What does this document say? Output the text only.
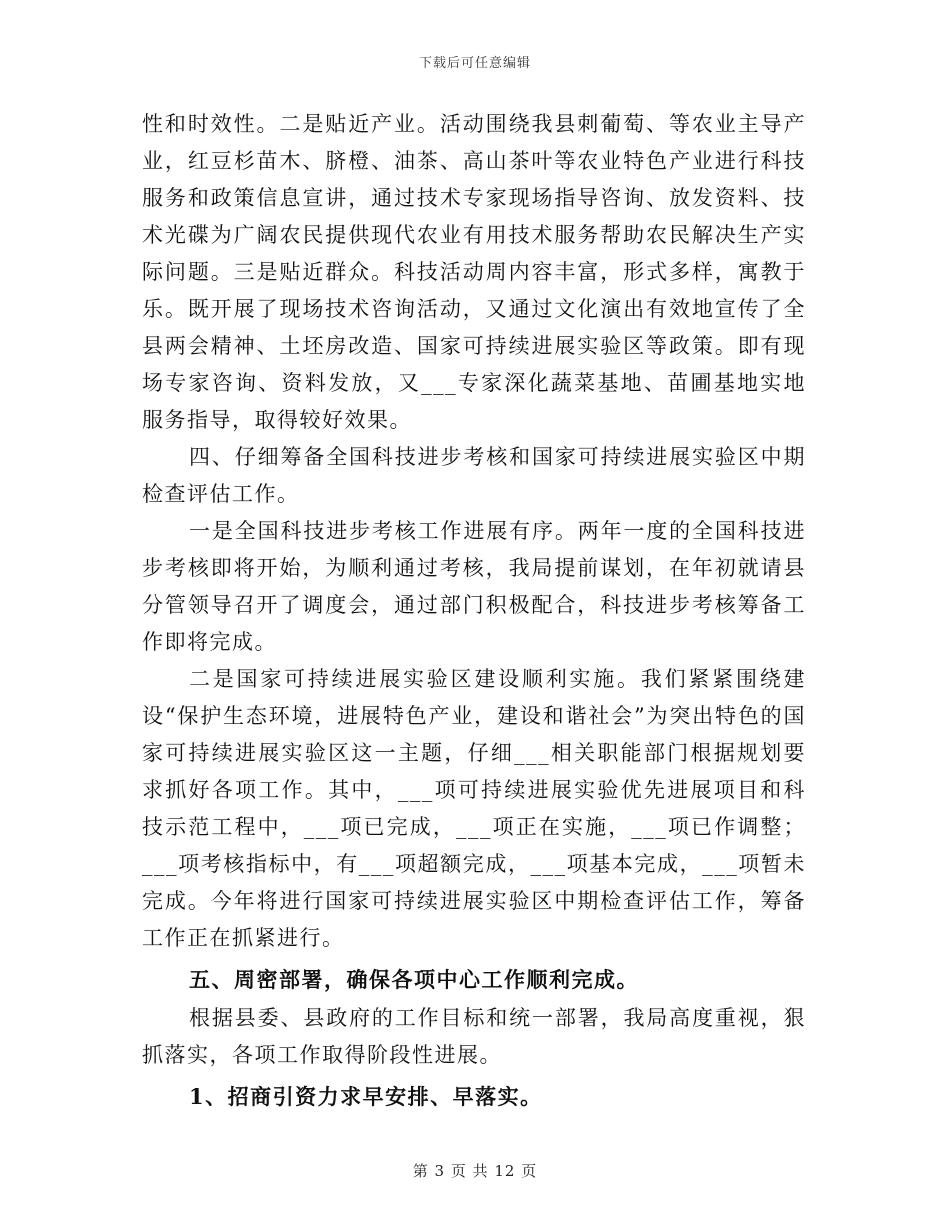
下载后可任意编辑

性和时效性。二是贴近产业。活动围绕我县刺葡萄、等农业主导产业，红豆杉苗木、脐橙、油茶、高山茶叶等农业特色产业进行科技服务和政策信息宣讲，通过技术专家现场指导咨询、放发资料、技术光碟为广阔农民提供现代农业有用技术服务帮助农民解决生产实际问题。三是贴近群众。科技活动周内容丰富，形式多样，寓教于乐。既开展了现场技术咨询活动，又通过文化演出有效地宣传了全县两会精神、土坯房改造、国家可持续进展实验区等政策。即有现场专家咨询、资料发放，又___专家深化蔬菜基地、苗圃基地实地服务指导，取得较好效果。

四、仔细筹备全国科技进步考核和国家可持续进展实验区中期检查评估工作。

一是全国科技进步考核工作进展有序。两年一度的全国科技进步考核即将开始，为顺利通过考核，我局提前谋划，在年初就请县分管领导召开了调度会，通过部门积极配合，科技进步考核筹备工作即将完成。

二是国家可持续进展实验区建设顺利实施。我们紧紧围绕建设“保护生态环境，进展特色产业，建设和谐社会”为突出特色的国家可持续进展实验区这一主题，仔细___相关职能部门根据规划要求抓好各项工作。其中，___项可持续进展实验优先进展项目和科技示范工程中，___项已完成，___项正在实施，___项已作调整；___项考核指标中，有___项超额完成，___项基本完成，___项暂未完成。今年将进行国家可持续进展实验区中期检查评估工作，筹备工作正在抓紧进行。

五、周密部署，确保各项中心工作顺利完成。

根据县委、县政府的工作目标和统一部署，我局高度重视，狠抓落实，各项工作取得阶段性进展。

1、招商引资力求早安排、早落实。

第 3 页 共 12 页
